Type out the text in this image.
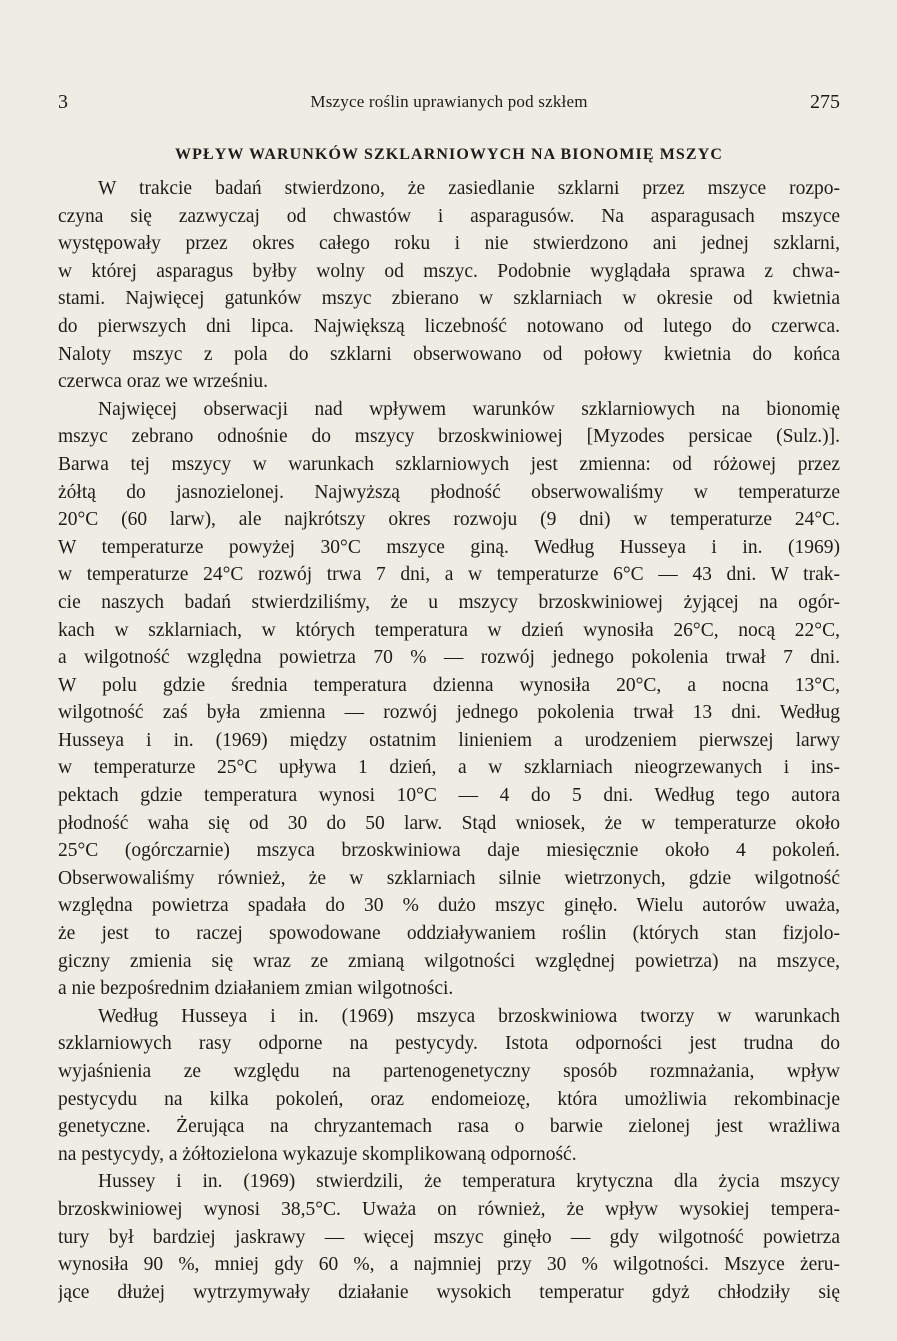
3	Mszyce roślin uprawianych pod szkłem	275
WPŁYW WARUNKÓW SZKLARNIOWYCH NA BIONOMIĘ MSZYC
W trakcie badań stwierdzono, że zasiedlanie szklarni przez mszyce rozpo-
czyna się zazwyczaj od chwastów i asparagusów. Na asparagusach mszyce
występowały przez okres całego roku i nie stwierdzono ani jednej szklarni,
w której asparagus byłby wolny od mszyc. Podobnie wyglądała sprawa z chwa-
stami. Najwięcej gatunków mszyc zbierano w szklarniach w okresie od kwietnia
do pierwszych dni lipca. Największą liczebność notowano od lutego do czerwca.
Naloty mszyc z pola do szklarni obserwowano od połowy kwietnia do końca
czerwca oraz we wrześniu.
Najwięcej obserwacji nad wpływem warunków szklarniowych na bionomię
mszyc zebrano odnośnie do mszycy brzoskwiniowej [Myzodes persicae (Sulz.)].
Barwa tej mszycy w warunkach szklarniowych jest zmienna: od różowej przez
żółtą do jasnozielonej. Najwyższą płodność obserwowaliśmy w temperaturze
20°C (60 larw), ale najkrótszy okres rozwoju (9 dni) w temperaturze 24°C.
W temperaturze powyżej 30°C mszyce giną. Według Husseya i in. (1969)
w temperaturze 24°C rozwój trwa 7 dni, a w temperaturze 6°C — 43 dni. W trak-
cie naszych badań stwierdziliśmy, że u mszycy brzoskwiniowej żyjącej na ogór-
kach w szklarniach, w których temperatura w dzień wynosiła 26°C, nocą 22°C,
a wilgotność względna powietrza 70 % — rozwój jednego pokolenia trwał 7 dni.
W polu gdzie średnia temperatura dzienna wynosiła 20°C, a nocna 13°C,
wilgotność zaś była zmienna — rozwój jednego pokolenia trwał 13 dni. Według
Husseya i in. (1969) między ostatnim linieniem a urodzeniem pierwszej larwy
w temperaturze 25°C upływa 1 dzień, a w szklarniach nieogrzewanych i ins-
pektach gdzie temperatura wynosi 10°C — 4 do 5 dni. Według tego autora
płodność waha się od 30 do 50 larw. Stąd wniosek, że w temperaturze około
25°C (ogórczarnie) mszyca brzoskwiniowa daje miesięcznie około 4 pokoleń.
Obserwowaliśmy również, że w szklarniach silnie wietrzonych, gdzie wilgotność
względna powietrza spadała do 30 % dużo mszyc ginęło. Wielu autorów uważa,
że jest to raczej spowodowane oddziaływaniem roślin (których stan fizjolo-
giczny zmienia się wraz ze zmianą wilgotności względnej powietrza) na mszyce,
a nie bezpośrednim działaniem zmian wilgotności.
Według Husseya i in. (1969) mszyca brzoskwiniowa tworzy w warunkach
szklarniowych rasy odporne na pestycydy. Istota odporności jest trudna do
wyjaśnienia ze względu na partenogenetyczny sposób rozmnażania, wpływ
pestycydu na kilka pokoleń, oraz endomeiozę, która umożliwia rekombinacje
genetyczne. Żerująca na chryzantemach rasa o barwie zielonej jest wrażliwa
na pestycydy, a żółtozielona wykazuje skomplikowaną odporność.
Hussey i in. (1969) stwierdzili, że temperatura krytyczna dla życia mszycy
brzoskwiniowej wynosi 38,5°C. Uważa on również, że wpływ wysokiej tempera-
tury był bardziej jaskrawy — więcej mszyc ginęło — gdy wilgotność powietrza
wynosiła 90 %, mniej gdy 60 %, a najmniej przy 30 % wilgotności. Mszyce żeru-
jące dłużej wytrzymywały działanie wysokich temperatur gdyż chłodziły się
